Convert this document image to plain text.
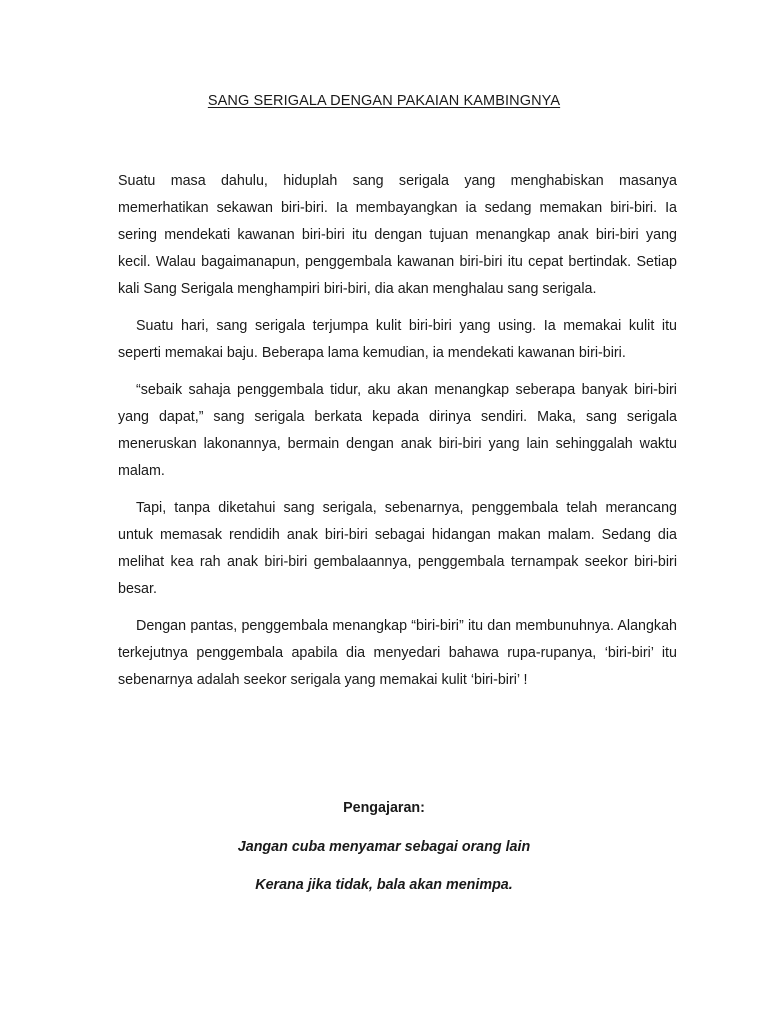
SANG SERIGALA DENGAN PAKAIAN KAMBINGNYA

Suatu masa dahulu, hiduplah sang serigala yang menghabiskan masanya memerhatikan sekawan biri-biri. Ia membayangkan ia sedang memakan biri-biri. Ia sering mendekati kawanan biri-biri itu dengan tujuan menangkap anak biri-biri yang kecil. Walau bagaimanapun, penggembala kawanan biri-biri itu cepat bertindak. Setiap kali Sang Serigala menghampiri biri-biri, dia akan menghalau sang serigala.

Suatu hari, sang serigala terjumpa kulit biri-biri yang using. Ia memakai kulit itu seperti memakai baju. Beberapa lama kemudian, ia mendekati kawanan biri-biri.

“sebaik sahaja penggembala tidur, aku akan menangkap seberapa banyak biri-biri yang dapat,” sang serigala berkata kepada dirinya sendiri. Maka, sang serigala meneruskan lakonannya, bermain dengan anak biri-biri yang lain sehinggalah waktu malam.

Tapi, tanpa diketahui sang serigala, sebenarnya, penggembala telah merancang untuk memasak rendidih anak biri-biri sebagai hidangan makan malam. Sedang dia melihat kea rah anak biri-biri gembalaannya, penggembala ternampak seekor biri-biri besar.

Dengan pantas, penggembala menangkap “biri-biri” itu dan membunuhnya. Alangkah terkejutnya penggembala apabila dia menyedari bahawa rupa-rupanya, ‘biri-biri’ itu sebenarnya adalah seekor serigala yang memakai kulit ‘biri-biri’ !

Pengajaran:
Jangan cuba menyamar sebagai orang lain
Kerana jika tidak, bala akan menimpa.
